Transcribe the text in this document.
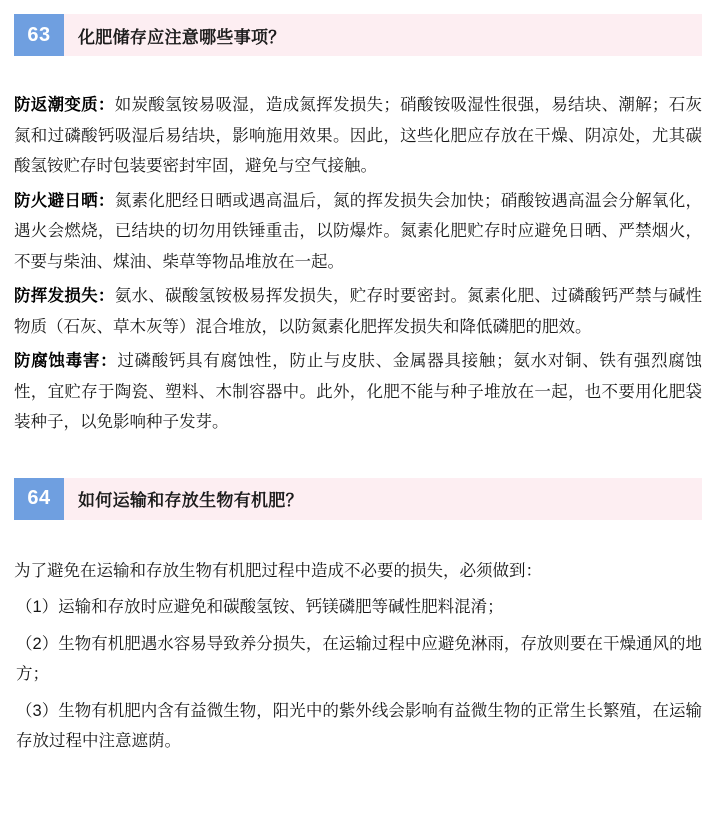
63	化肥储存应注意哪些事项？

防返潮变质：如炭酸氢铵易吸湿，造成氮挥发损失；硝酸铵吸湿性很强，易结块、潮解；石灰氮和过磷酸钙吸湿后易结块，影响施用效果。因此，这些化肥应存放在干燥、阴凉处，尤其碳酸氢铵贮存时包装要密封牢固，避免与空气接触。

防火避日晒：氮素化肥经日晒或遇高温后，氮的挥发损失会加快；硝酸铵遇高温会分解氧化，遇火会燃烧，已结块的切勿用铁锤重击，以防爆炸。氮素化肥贮存时应避免日晒、严禁烟火，不要与柴油、煤油、柴草等物品堆放在一起。

防挥发损失：氨水、碳酸氢铵极易挥发损失，贮存时要密封。氮素化肥、过磷酸钙严禁与碱性物质（石灰、草木灰等）混合堆放，以防氮素化肥挥发损失和降低磷肥的肥效。

防腐蚀毒害：过磷酸钙具有腐蚀性，防止与皮肤、金属器具接触；氨水对铜、铁有强烈腐蚀性，宜贮存于陶瓷、塑料、木制容器中。此外，化肥不能与种子堆放在一起，也不要用化肥袋装种子，以免影响种子发芽。

64	如何运输和存放生物有机肥？

为了避免在运输和存放生物有机肥过程中造成不必要的损失，必须做到：

（1）运输和存放时应避免和碳酸氢铵、钙镁磷肥等碱性肥料混淆；

（2）生物有机肥遇水容易导致养分损失，在运输过程中应避免淋雨，存放则要在干燥通风的地方；

（3）生物有机肥内含有益微生物，阳光中的紫外线会影响有益微生物的正常生长繁殖，在运输存放过程中注意遮荫。
